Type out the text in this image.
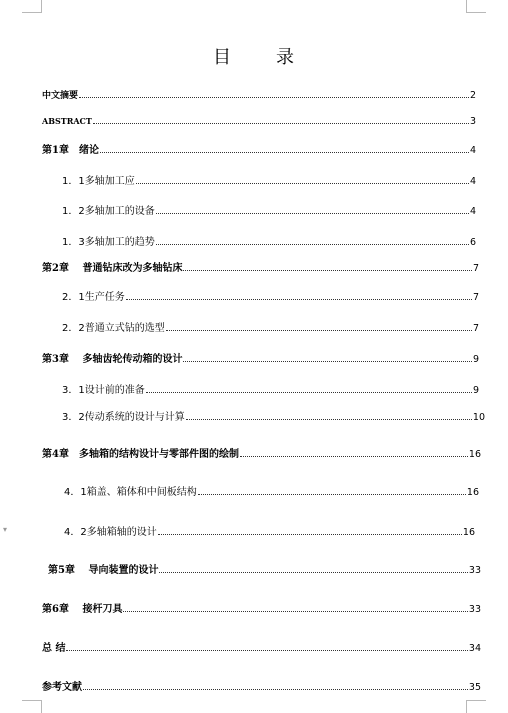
▾
目 录
中文摘要	2
ABSTRACT	3
第1章　绪论	4
1．1多轴加工应	4
1．2多轴加工的设备	4
1．3多轴加工的趋势	6
第2章　 普通钻床改为多轴钻床	7
2．1生产任务	7
2．2普通立式钻的选型	7
第3章　 多轴齿轮传动箱的设计	9
3．1设计前的准备	9
3．2传动系统的设计与计算	10
第4章　多轴箱的结构设计与零部件图的绘制	16
4．1箱盖、箱体和中间板结构	16
4．2多轴箱轴的设计	16
第5章　 导向装置的设计	33
第6章　 接杆刀具	33
总 结	34
参考文献	35
